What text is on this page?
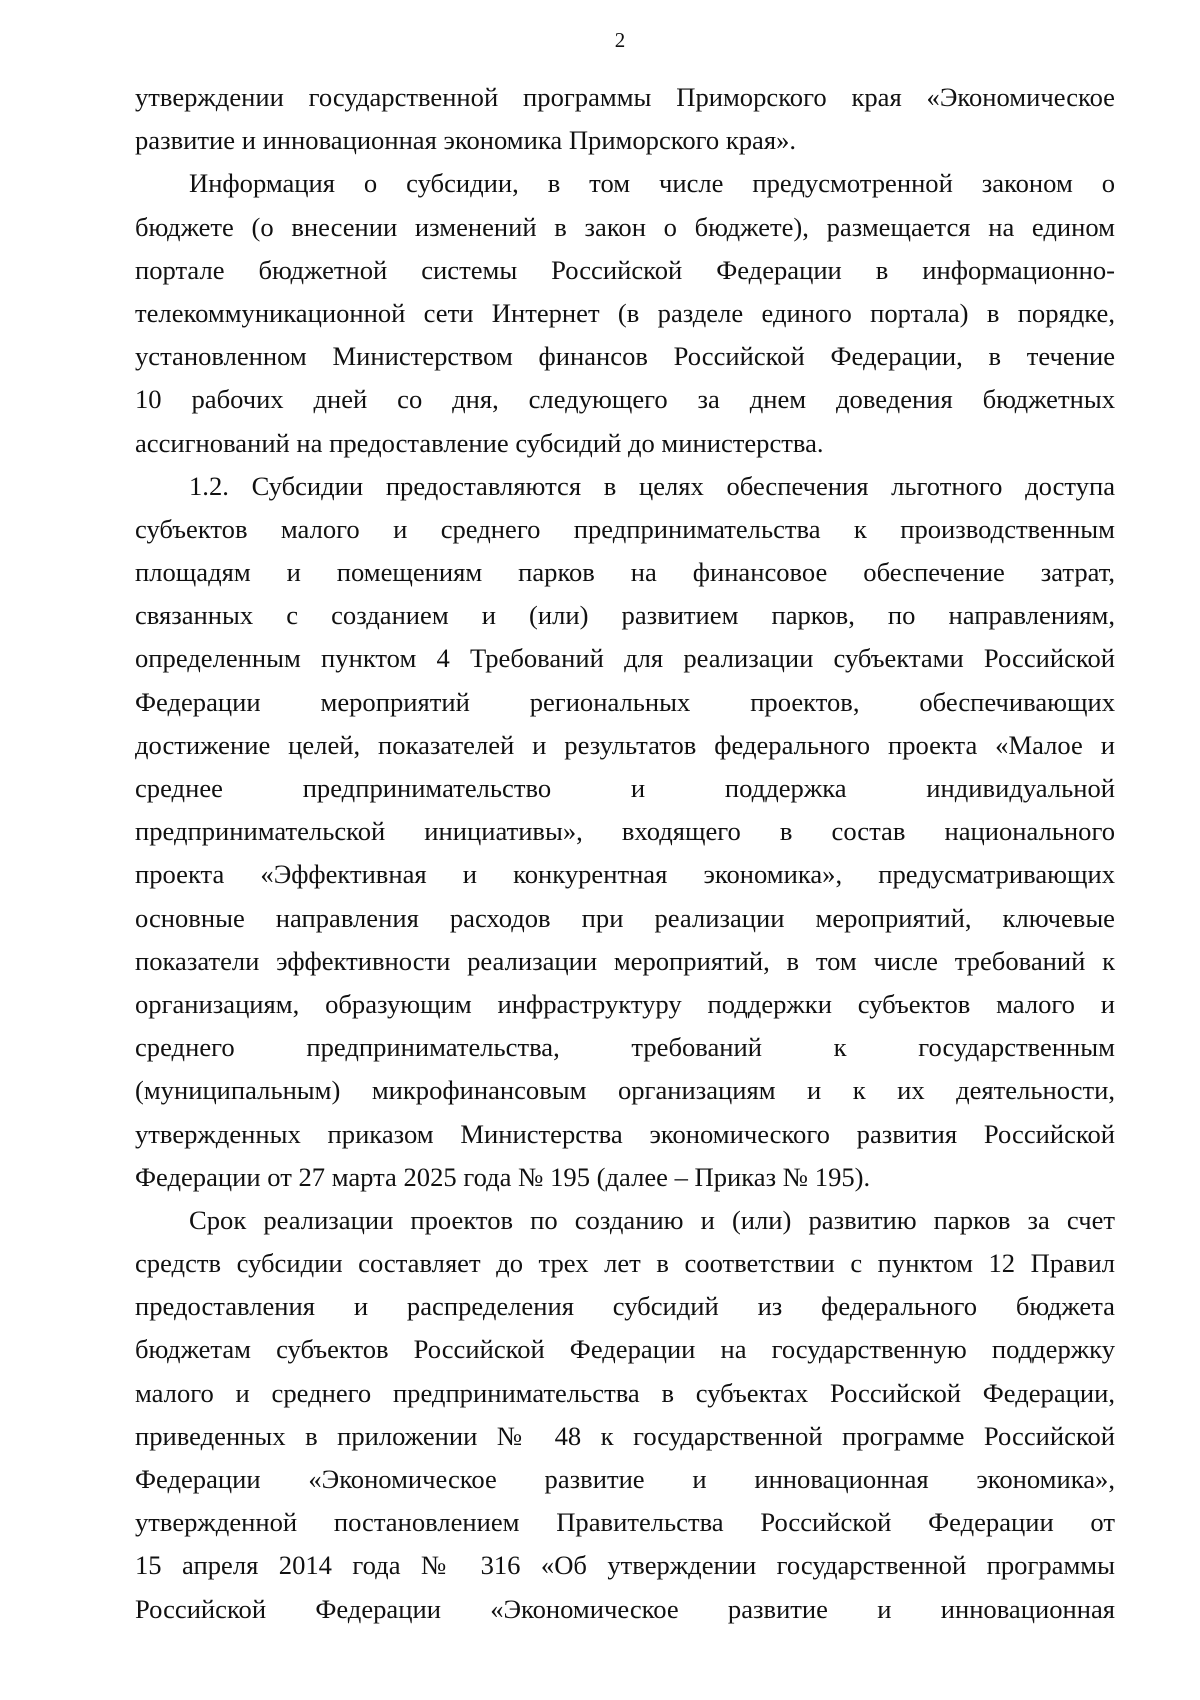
2
утверждении государственной программы Приморского края «Экономическое
развитие и инновационная экономика Приморского края».
Информация о субсидии, в том числе предусмотренной законом о
бюджете (о внесении изменений в закон о бюджете), размещается на едином
портале бюджетной системы Российской Федерации в информационно-
телекоммуникационной сети Интернет (в разделе единого портала) в порядке,
установленном Министерством финансов Российской Федерации, в течение
10 рабочих дней со дня, следующего за днем доведения бюджетных
ассигнований на предоставление субсидий до министерства.
1.2. Субсидии предоставляются в целях обеспечения льготного доступа
субъектов малого и среднего предпринимательства к производственным
площадям и помещениям парков на финансовое обеспечение затрат,
связанных с созданием и (или) развитием парков, по направлениям,
определенным пунктом 4 Требований для реализации субъектами Российской
Федерации мероприятий региональных проектов, обеспечивающих
достижение целей, показателей и результатов федерального проекта «Малое и
среднее предпринимательство и поддержка индивидуальной
предпринимательской инициативы», входящего в состав национального
проекта «Эффективная и конкурентная экономика», предусматривающих
основные направления расходов при реализации мероприятий, ключевые
показатели эффективности реализации мероприятий, в том числе требований к
организациям, образующим инфраструктуру поддержки субъектов малого и
среднего предпринимательства, требований к государственным
(муниципальным) микрофинансовым организациям и к их деятельности,
утвержденных приказом Министерства экономического развития Российской
Федерации от 27 марта 2025 года № 195 (далее – Приказ № 195).
Срок реализации проектов по созданию и (или) развитию парков за счет
средств субсидии составляет до трех лет в соответствии с пунктом 12 Правил
предоставления и распределения субсидий из федерального бюджета
бюджетам субъектов Российской Федерации на государственную поддержку
малого и среднего предпринимательства в субъектах Российской Федерации,
приведенных в приложении № 48 к государственной программе Российской
Федерации «Экономическое развитие и инновационная экономика»,
утвержденной постановлением Правительства Российской Федерации от
15 апреля 2014 года № 316 «Об утверждении государственной программы
Российской Федерации «Экономическое развитие и инновационная
